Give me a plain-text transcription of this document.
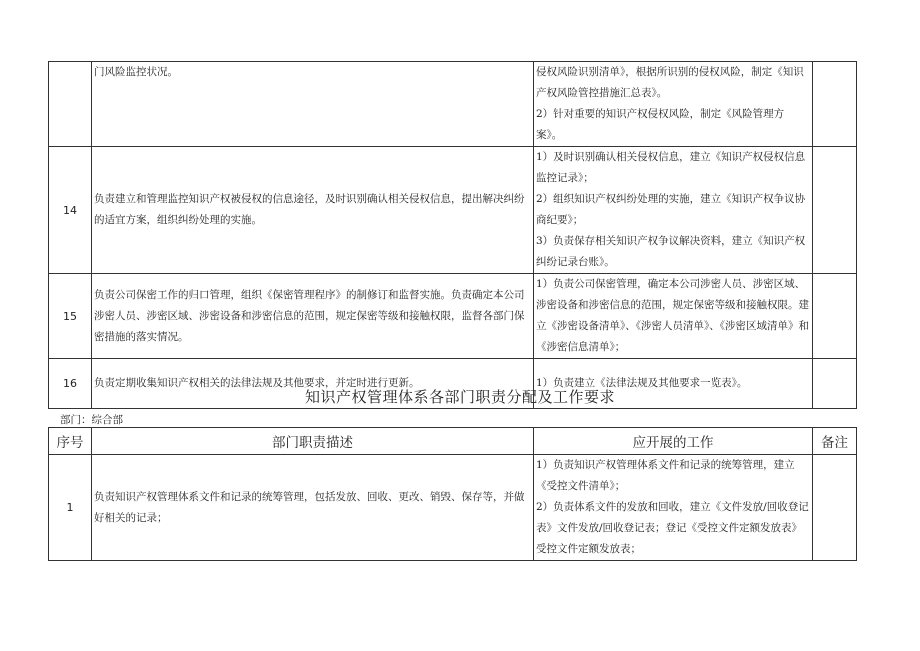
	门风险监控状况。	侵权风险识别清单》，根据所识别的侵权风险，制定《知识产权风险管控措施汇总表》。
2）针对重要的知识产权侵权风险，制定《风险管理方案》。	

14	负责建立和管理监控知识产权被侵权的信息途径，及时识别确认相关侵权信息，提出解决纠纷的适宜方案，组织纠纷处理的实施。	1）及时识别确认相关侵权信息，建立《知识产权侵权信息监控记录》；
2）组织知识产权纠纷处理的实施，建立《知识产权争议协商纪要》；
3）负责保存相关知识产权争议解决资料，建立《知识产权纠纷记录台账》。	

15	负责公司保密工作的归口管理，组织《保密管理程序》的制修订和监督实施。负责确定本公司涉密人员、涉密区域、涉密设备和涉密信息的范围，规定保密等级和接触权限，监督各部门保密措施的落实情况。	1）负责公司保密管理，确定本公司涉密人员、涉密区域、涉密设备和涉密信息的范围，规定保密等级和接触权限。建立《涉密设备清单》、《涉密人员清单》、《涉密区域清单》和《涉密信息清单》；	

16	负责定期收集知识产权相关的法律法规及其他要求，并定时进行更新。	1）负责建立《法律法规及其他要求一览表》。	

知识产权管理体系各部门职责分配及工作要求
部门：综合部
序号	部门职责描述	应开展的工作	备注
1	负责知识产权管理体系文件和记录的统筹管理，包括发放、回收、更改、销毁、保存等，并做好相关的记录；	1）负责知识产权管理体系文件和记录的统筹管理，建立《受控文件清单》；
2）负责体系文件的发放和回收，建立《文件发放/回收登记表》文件发放/回收登记表；登记《受控文件定额发放表》受控文件定额发放表；	
